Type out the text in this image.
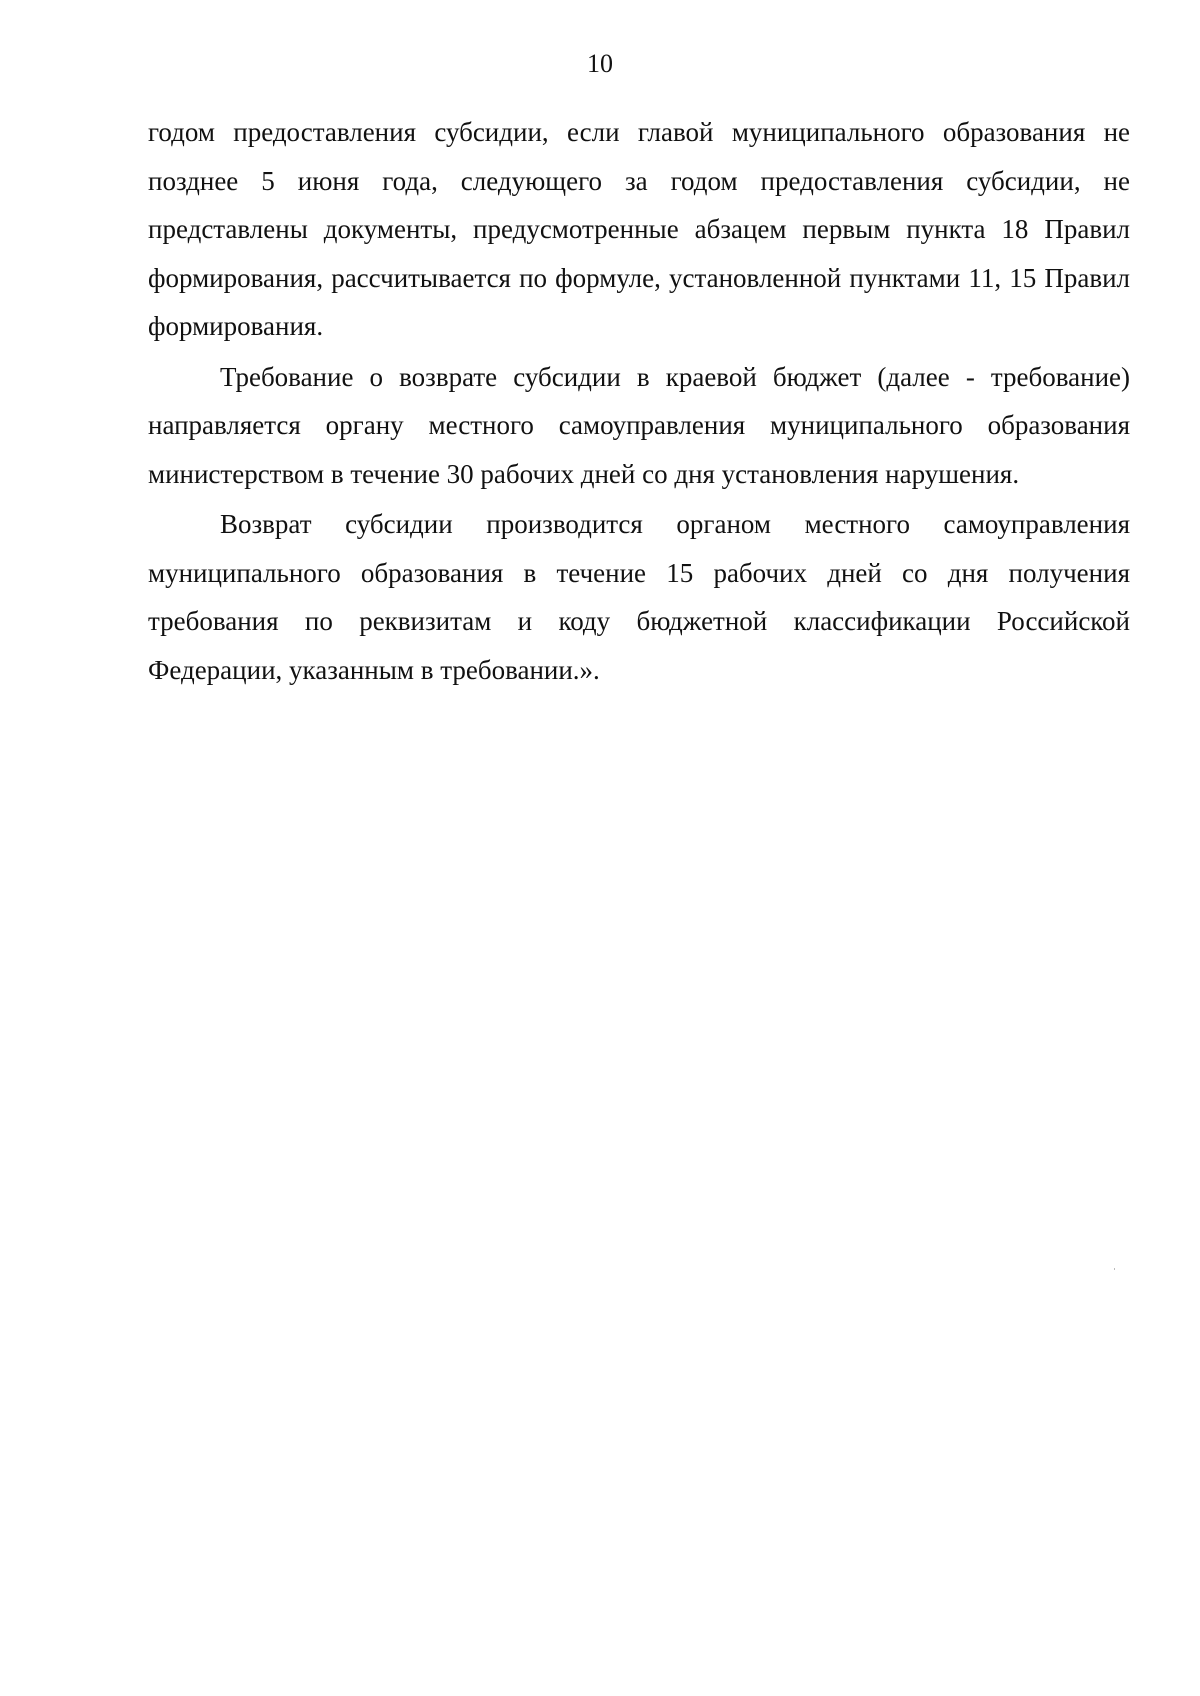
10

годом предоставления субсидии, если главой муниципального образования не позднее 5 июня года, следующего за годом предоставления субсидии, не представлены документы, предусмотренные абзацем первым пункта 18 Правил формирования, рассчитывается по формуле, установленной пунктами 11, 15 Правил формирования.

Требование о возврате субсидии в краевой бюджет (далее - требование) направляется органу местного самоуправления муниципального образования министерством в течение 30 рабочих дней со дня установления нарушения.

Возврат субсидии производится органом местного самоуправления муниципального образования в течение 15 рабочих дней со дня получения требования по реквизитам и коду бюджетной классификации Российской Федерации, указанным в требовании.».
